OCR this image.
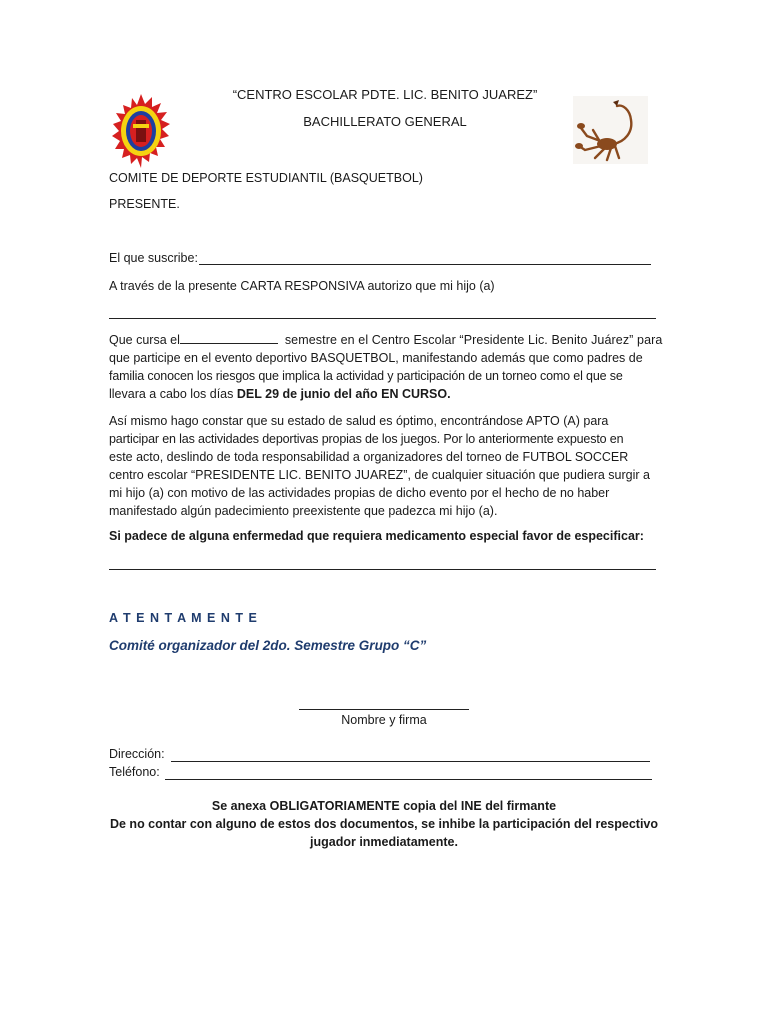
“CENTRO ESCOLAR PDTE. LIC. BENITO JUAREZ”
BACHILLERATO GENERAL
COMITE DE DEPORTE ESTUDIANTIL (BASQUETBOL)
PRESENTE.
El que suscribe:
A través de la presente CARTA RESPONSIVA autorizo que mi hijo (a)
Que cursa el	semestre en el Centro Escolar “Presidente Lic. Benito Juárez” para
que participe en el evento deportivo BASQUETBOL, manifestando además que como padres de
familia conocen los riesgos que implica la actividad y participación de un torneo como el que se
llevara a cabo los días DEL 29 de junio del año EN CURSO.
Así mismo hago constar que su estado de salud es óptimo, encontrándose APTO (A) para
participar en las actividades deportivas propias de los juegos. Por lo anteriormente expuesto en
este acto, deslindo de toda responsabilidad a organizadores del torneo de FUTBOL SOCCER
centro escolar “PRESIDENTE LIC. BENITO JUAREZ”, de cualquier situación que pudiera surgir a
mi hijo (a) con motivo de las actividades propias de dicho evento por el hecho de no haber
manifestado algún padecimiento preexistente que padezca mi hijo (a).
Si padece de alguna enfermedad que requiera medicamento especial favor de especificar:
A T E N T A M E N T E
Comité organizador del 2do. Semestre Grupo “C”
Nombre y firma
Dirección:
Teléfono:
Se anexa OBLIGATORIAMENTE copia del INE del firmante
De no contar con alguno de estos dos documentos, se inhibe la participación del respectivo
jugador inmediatamente.
